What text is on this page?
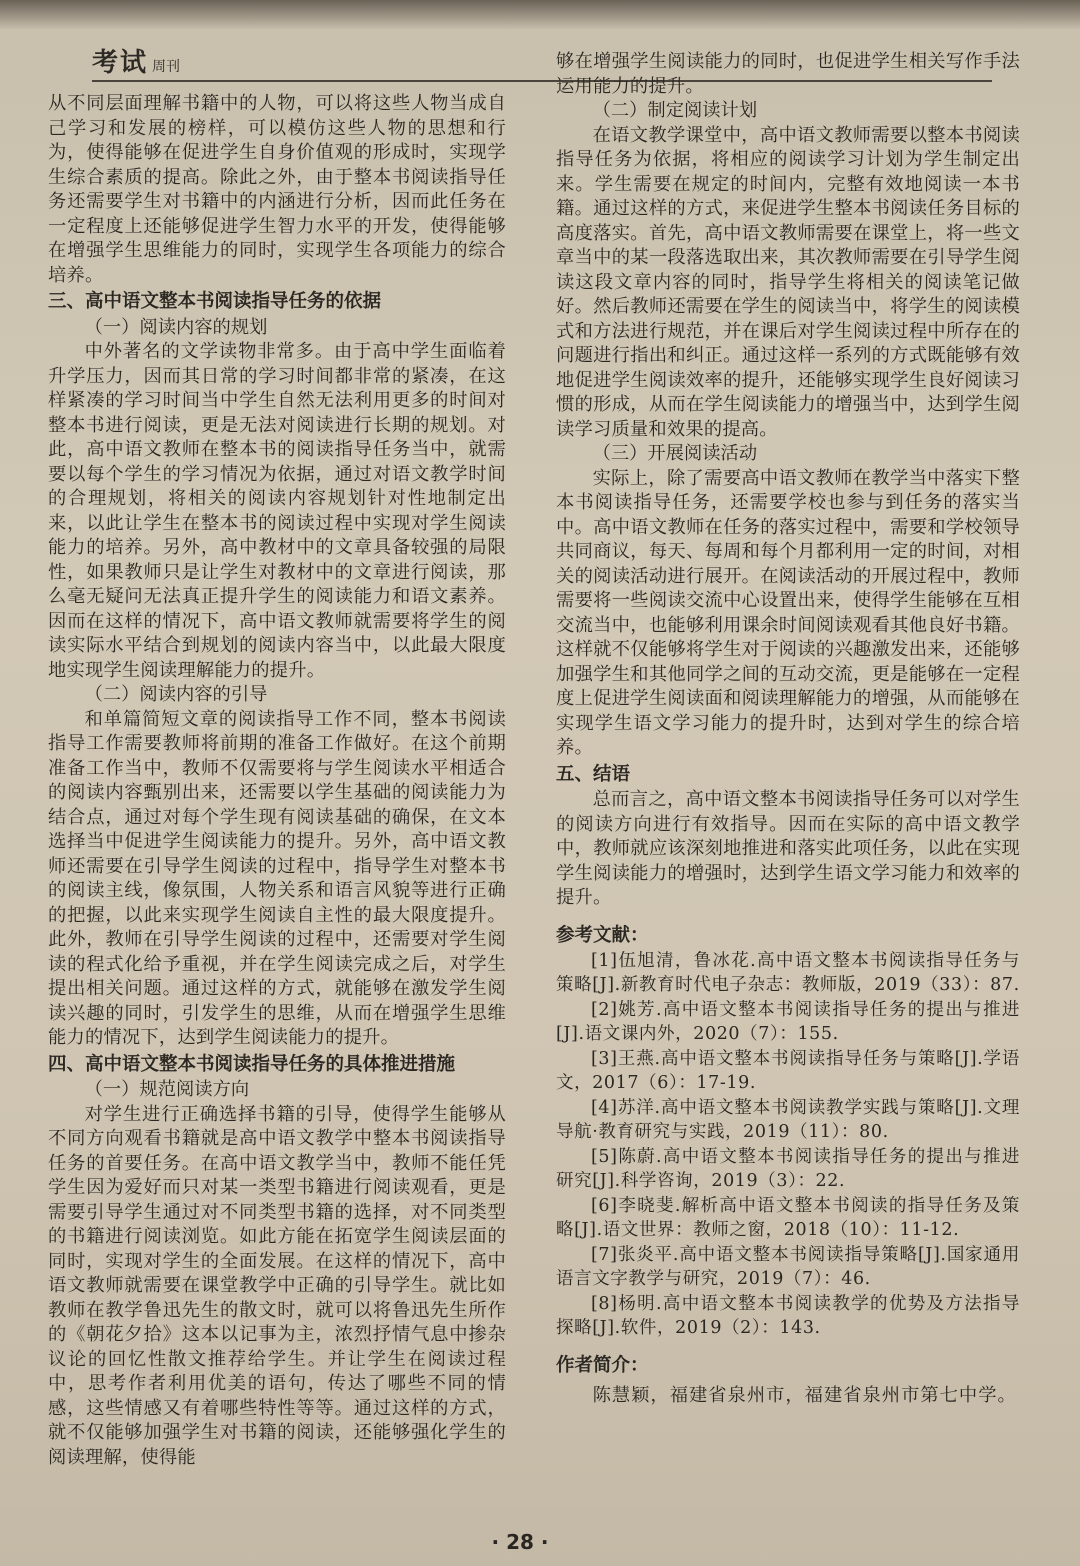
考试 周刊

从不同层面理解书籍中的人物，可以将这些人物当成自己学习和发展的榜样，可以模仿这些人物的思想和行为，使得能够在促进学生自身价值观的形成时，实现学生综合素质的提高。除此之外，由于整本书阅读指导任务还需要学生对书籍中的内涵进行分析，因而此任务在一定程度上还能够促进学生智力水平的开发，使得能够在增强学生思维能力的同时，实现学生各项能力的综合培养。

三、高中语文整本书阅读指导任务的依据
（一）阅读内容的规划

中外著名的文学读物非常多。由于高中学生面临着升学压力，因而其日常的学习时间都非常的紧凑，在这样紧凑的学习时间当中学生自然无法利用更多的时间对整本书进行阅读，更是无法对阅读进行长期的规划。对此，高中语文教师在整本书的阅读指导任务当中，就需要以每个学生的学习情况为依据，通过对语文教学时间的合理规划，将相关的阅读内容规划针对性地制定出来，以此让学生在整本书的阅读过程中实现对学生阅读能力的培养。另外，高中教材中的文章具备较强的局限性，如果教师只是让学生对教材中的文章进行阅读，那么毫无疑问无法真正提升学生的阅读能力和语文素养。因而在这样的情况下，高中语文教师就需要将学生的阅读实际水平结合到规划的阅读内容当中，以此最大限度地实现学生阅读理解能力的提升。

（二）阅读内容的引导

和单篇简短文章的阅读指导工作不同，整本书阅读指导工作需要教师将前期的准备工作做好。在这个前期准备工作当中，教师不仅需要将与学生阅读水平相适合的阅读内容甄别出来，还需要以学生基础的阅读能力为结合点，通过对每个学生现有阅读基础的确保，在文本选择当中促进学生阅读能力的提升。另外，高中语文教师还需要在引导学生阅读的过程中，指导学生对整本书的阅读主线，像氛围，人物关系和语言风貌等进行正确的把握，以此来实现学生阅读自主性的最大限度提升。此外，教师在引导学生阅读的过程中，还需要对学生阅读的程式化给予重视，并在学生阅读完成之后，对学生提出相关问题。通过这样的方式，就能够在激发学生阅读兴趣的同时，引发学生的思维，从而在增强学生思维能力的情况下，达到学生阅读能力的提升。

四、高中语文整本书阅读指导任务的具体推进措施
（一）规范阅读方向

对学生进行正确选择书籍的引导，使得学生能够从不同方向观看书籍就是高中语文教学中整本书阅读指导任务的首要任务。在高中语文教学当中，教师不能任凭学生因为爱好而只对某一类型书籍进行阅读观看，更是需要引导学生通过对不同类型书籍的选择，对不同类型的书籍进行阅读浏览。如此方能在拓宽学生阅读层面的同时，实现对学生的全面发展。在这样的情况下，高中语文教师就需要在课堂教学中正确的引导学生。就比如教师在教学鲁迅先生的散文时，就可以将鲁迅先生所作的《朝花夕拾》这本以记事为主，浓烈抒情气息中掺杂议论的回忆性散文推荐给学生。并让学生在阅读过程中，思考作者利用优美的语句，传达了哪些不同的情感，这些情感又有着哪些特性等等。通过这样的方式，就不仅能够加强学生对书籍的阅读，还能够强化学生的阅读理解，使得能

够在增强学生阅读能力的同时，也促进学生相关写作手法运用能力的提升。

（二）制定阅读计划

在语文教学课堂中，高中语文教师需要以整本书阅读指导任务为依据，将相应的阅读学习计划为学生制定出来。学生需要在规定的时间内，完整有效地阅读一本书籍。通过这样的方式，来促进学生整本书阅读任务目标的高度落实。首先，高中语文教师需要在课堂上，将一些文章当中的某一段落选取出来，其次教师需要在引导学生阅读这段文章内容的同时，指导学生将相关的阅读笔记做好。然后教师还需要在学生的阅读当中，将学生的阅读模式和方法进行规范，并在课后对学生阅读过程中所存在的问题进行指出和纠正。通过这样一系列的方式既能够有效地促进学生阅读效率的提升，还能够实现学生良好阅读习惯的形成，从而在学生阅读能力的增强当中，达到学生阅读学习质量和效果的提高。

（三）开展阅读活动

实际上，除了需要高中语文教师在教学当中落实下整本书阅读指导任务，还需要学校也参与到任务的落实当中。高中语文教师在任务的落实过程中，需要和学校领导共同商议，每天、每周和每个月都利用一定的时间，对相关的阅读活动进行展开。在阅读活动的开展过程中，教师需要将一些阅读交流中心设置出来，使得学生能够在互相交流当中，也能够利用课余时间阅读观看其他良好书籍。这样就不仅能够将学生对于阅读的兴趣激发出来，还能够加强学生和其他同学之间的互动交流，更是能够在一定程度上促进学生阅读面和阅读理解能力的增强，从而能够在实现学生语文学习能力的提升时，达到对学生的综合培养。

五、结语

总而言之，高中语文整本书阅读指导任务可以对学生的阅读方向进行有效指导。因而在实际的高中语文教学中，教师就应该深刻地推进和落实此项任务，以此在实现学生阅读能力的增强时，达到学生语文学习能力和效率的提升。

参考文献：
[1]伍旭清，鲁冰花.高中语文整本书阅读指导任务与策略[J].新教育时代电子杂志：教师版，2019（33）：87.
[2]姚芳.高中语文整本书阅读指导任务的提出与推进[J].语文课内外，2020（7）：155.
[3]王燕.高中语文整本书阅读指导任务与策略[J].学语文，2017（6）：17-19.
[4]苏洋.高中语文整本书阅读教学实践与策略[J].文理导航·教育研究与实践，2019（11）：80.
[5]陈蔚.高中语文整本书阅读指导任务的提出与推进研究[J].科学咨询，2019（3）：22.
[6]李晓斐.解析高中语文整本书阅读的指导任务及策略[J].语文世界：教师之窗，2018（10）：11-12.
[7]张炎平.高中语文整本书阅读指导策略[J].国家通用语言文字教学与研究，2019（7）：46.
[8]杨明.高中语文整本书阅读教学的优势及方法指导探略[J].软件，2019（2）：143.
作者简介：
陈慧颖，福建省泉州市，福建省泉州市第七中学。
· 28 ·
